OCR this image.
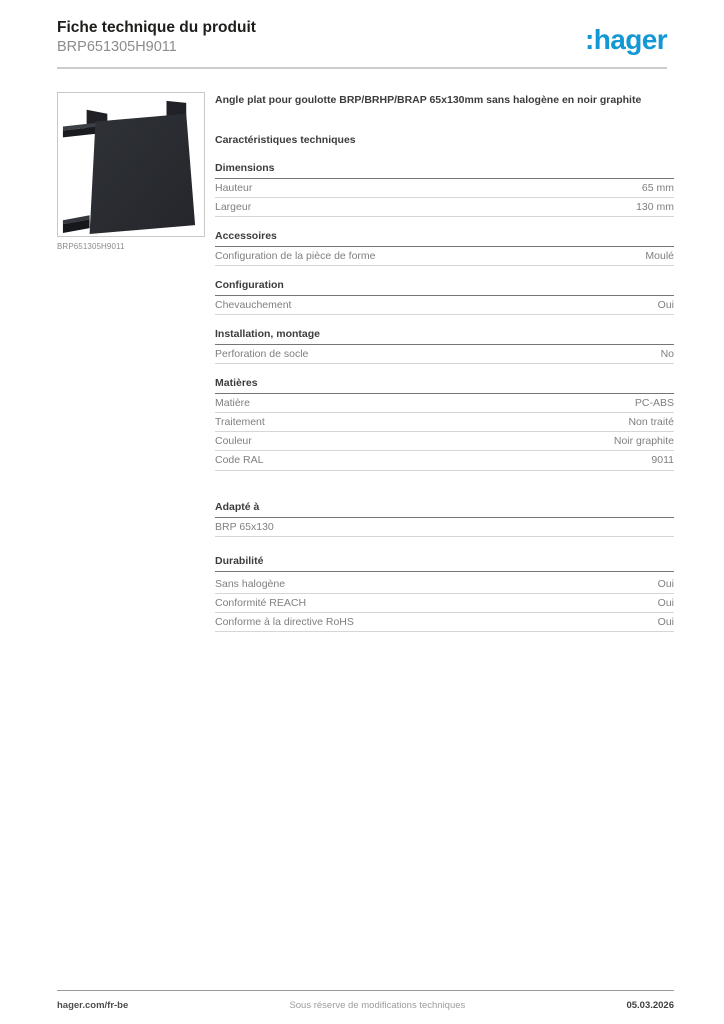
Fiche technique du produit
BRP651305H9011	:hager
BRP651305H9011
Angle plat pour goulotte BRP/BRHP/BRAP 65x130mm sans halogène en noir graphite
Caractéristiques techniques
Dimensions
Hauteur	65 mm
Largeur	130 mm
Accessoires
Configuration de la pièce de forme	Moulé
Configuration
Chevauchement	Oui
Installation, montage
Perforation de socle	No
Matières
Matière	PC-ABS
Traitement	Non traité
Couleur	Noir graphite
Code RAL	9011
Adapté à
BRP 65x130
Durabilité
Sans halogène	Oui
Conformité REACH	Oui
Conforme à la directive RoHS	Oui
hager.com/fr-be	Sous réserve de modifications techniques	05.03.2026
